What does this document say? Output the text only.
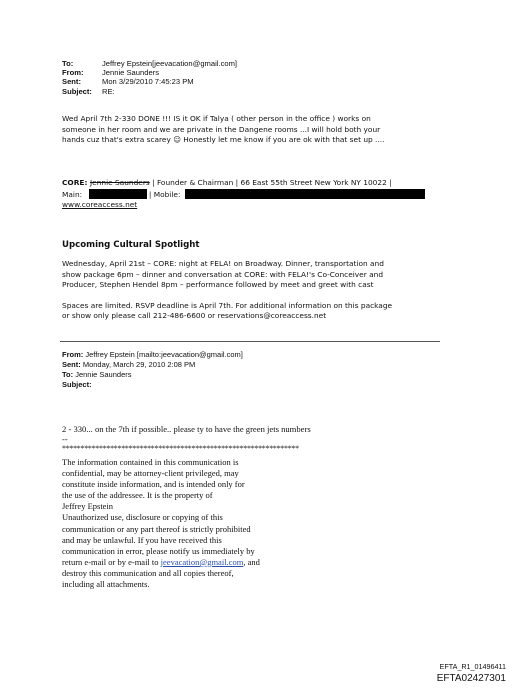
To:	Jeffrey Epstein[jeevacation@gmail.com]
From:	Jennie Saunders
Sent:	Mon 3/29/2010 7:45:23 PM
Subject:	RE:
Wed April 7th 2-330 DONE !!! IS it OK if Talya ( other person in the office ) works on
someone in her room and we are private in the Dangene rooms ...I will hold both your
hands cuz that's extra scarey ☺ Honestly let me know if you are ok with that set up ....
CORE: Jennie Saunders | Founder & Chairman | 66 East 55th Street New York NY 10022 |
Main:	| Mobile:
www.coreaccess.net
Upcoming Cultural Spotlight
Wednesday, April 21st – CORE: night at FELA! on Broadway. Dinner, transportation and
show package 6pm – dinner and conversation at CORE: with FELA!'s Co-Conceiver and
Producer, Stephen Hendel 8pm – performance followed by meet and greet with cast
Spaces are limited. RSVP deadline is April 7th. For additional information on this package
or show only please call 212-486-6600 or reservations@coreaccess.net
From: Jeffrey Epstein [mailto:jeevacation@gmail.com]
Sent: Monday, March 29, 2010 2:08 PM
To: Jennie Saunders
Subject:
2 - 330... on the 7th if possible.. please ty to have the green jets numbers
--
****************************************************************
The information contained in this communication is
confidential, may be attorney-client privileged, may
constitute inside information, and is intended only for
the use of the addressee. It is the property of
Jeffrey Epstein
Unauthorized use, disclosure or copying of this
communication or any part thereof is strictly prohibited
and may be unlawful. If you have received this
communication in error, please notify us immediately by
return e-mail or by e-mail to jeevacation@gmail.com, and
destroy this communication and all copies thereof,
including all attachments.
EFTA_R1_01496411
EFTA02427301
